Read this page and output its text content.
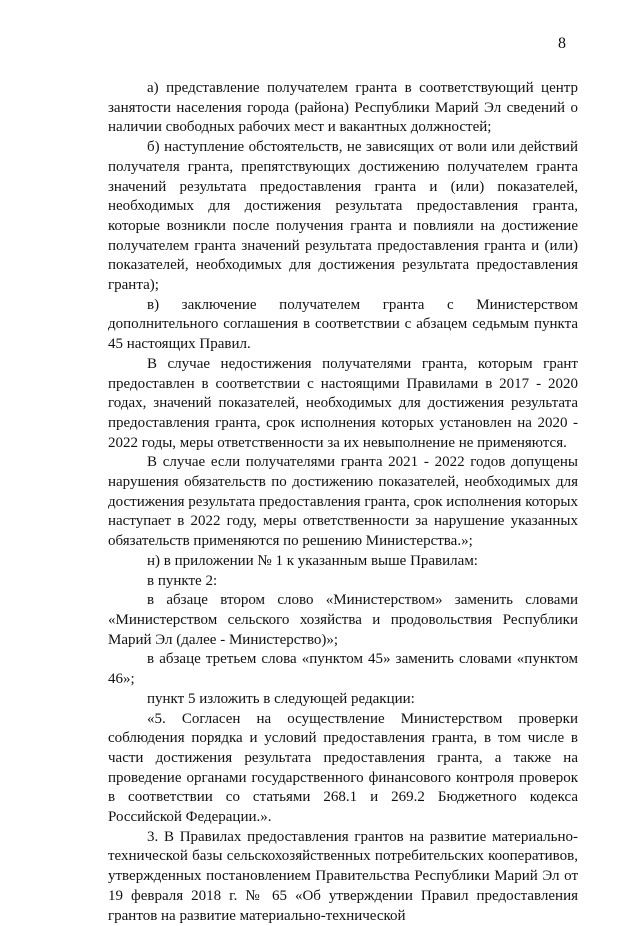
8

а) представление получателем гранта в соответствующий центр занятости населения города (района) Республики Марий Эл сведений о наличии свободных рабочих мест и вакантных должностей;

б) наступление обстоятельств, не зависящих от воли или действий получателя гранта, препятствующих достижению получателем гранта значений результата предоставления гранта и (или) показателей, необходимых для достижения результата предоставления гранта, которые возникли после получения гранта и повлияли на достижение получателем гранта значений результата предоставления гранта и (или) показателей, необходимых для достижения результата предоставления гранта);

в) заключение получателем гранта с Министерством дополнительного соглашения в соответствии с абзацем седьмым пункта 45 настоящих Правил.

В случае недостижения получателями гранта, которым грант предоставлен в соответствии с настоящими Правилами в 2017 - 2020 годах, значений показателей, необходимых для достижения результата предоставления гранта, срок исполнения которых установлен на 2020 - 2022 годы, меры ответственности за их невыполнение не применяются.

В случае если получателями гранта 2021 - 2022 годов допущены нарушения обязательств по достижению показателей, необходимых для достижения результата предоставления гранта, срок исполнения которых наступает в 2022 году, меры ответственности за нарушение указанных обязательств применяются по решению Министерства.»;

н) в приложении № 1 к указанным выше Правилам:

в пункте 2:

в абзаце втором слово «Министерством» заменить словами «Министерством сельского хозяйства и продовольствия Республики Марий Эл (далее - Министерство)»;

в абзаце третьем слова «пунктом 45» заменить словами «пунктом 46»;

пункт 5 изложить в следующей редакции:

«5. Согласен на осуществление Министерством проверки соблюдения порядка и условий предоставления гранта, в том числе в части достижения результата предоставления гранта, а также на проведение органами государственного финансового контроля проверок в соответствии со статьями 268.1 и 269.2 Бюджетного кодекса Российской Федерации.».

3. В Правилах предоставления грантов на развитие материально-технической базы сельскохозяйственных потребительских кооперативов, утвержденных постановлением Правительства Республики Марий Эл от 19 февраля 2018 г. № 65 «Об утверждении Правил предоставления грантов на развитие материально-технической
